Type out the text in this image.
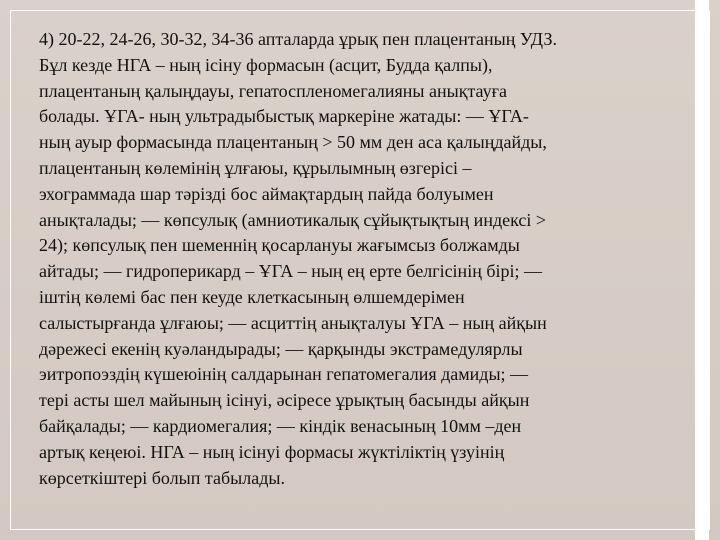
4) 20-22, 24-26, 30-32, 34-36 апталарда ұрық пен плацентаның УДЗ.
Бұл кезде НГА – ның ісіну формасын (асцит, Будда қалпы),
плацентаның қалыңдауы, гепатоспленомегалияны анықтауға
болады. ҰГА- ның ультрадыбыстық маркеріне жатады: — ҰГА-
ның ауыр формасында плацентаның > 50 мм ден аса қалыңдайды,
плацентаның көлемінің ұлғаюы, құрылымның өзгерісі –
эхограммада шар тәрізді бос аймақтардың пайда болуымен
анықталады; — көпсулық (амниотикалық сұйықтықтың индексі >
24); көпсулық пен шеменнің қосарлануы жағымсыз болжамды
айтады; — гидроперикард – ҰГА – ның ең ерте белгісінің бірі; —
іштің көлемі бас пен кеуде клеткасының өлшемдерімен
салыстырғанда ұлғаюы; — асциттің анықталуы ҰГА – ның айқын
дәрежесі екенің куәландырады; — қарқынды экстрамедулярлы
эитропоэздің күшеюінің салдарынан гепатомегалия дамиды; —
тері асты шел майының ісінуі, әсіресе ұрықтың басынды айқын
байқалады; — кардиомегалия; — кіндік венасының 10мм –ден
артық кеңеюі. НГА – ның ісінуі формасы жүктіліктің үзуінің
көрсеткіштері болып табылады.
